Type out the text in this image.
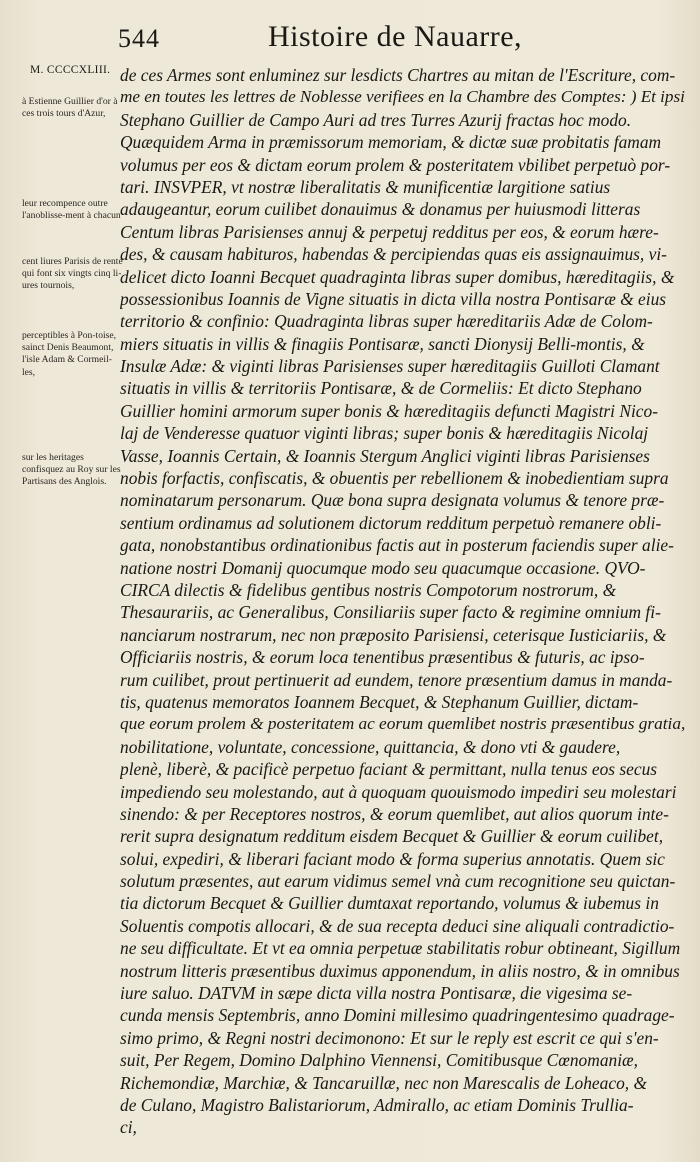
544	Histoire de Nauarre,
M. CCCCXLIII.
à Estienne Guillier d'or à ces trois tours d'Azur,
leur recompence outre l'anoblisse-ment à chacun
cent liures Parisis de rente qui font six vingts cinq li-ures tournois,
perceptibles à Pon-toise, sainct Denis Beaumont, l'isle Adam & Cormeil-les,
sur les heritages confisquez au Roy sur les Partisans des Anglois.
de ces Armes sont enluminez sur lesdicts Chartres au mitan de l'Escriture, com-
me en toutes les lettres de Noblesse verifiees en la Chambre des Comptes: ) Et ipsi
Stephano Guillier de Campo Auri ad tres Turres Azurij fractas hoc modo.
Quæquidem Arma in præmissorum memoriam, & dictæ suæ probitatis famam
volumus per eos & dictam eorum prolem & posteritatem vbilibet perpetuò por-
tari. INSVPER, vt nostræ liberalitatis & munificentiæ largitione satius
adaugeantur, eorum cuilibet donauimus & donamus per huiusmodi litteras
Centum libras Parisienses annuj & perpetuj redditus per eos, & eorum hære-
des, & causam habituros, habendas & percipiendas quas eis assignauimus, vi-
delicet dicto Ioanni Becquet quadraginta libras super domibus, hæreditagiis, &
possessionibus Ioannis de Vigne situatis in dicta villa nostra Pontisaræ & eius
territorio & confinio: Quadraginta libras super hæreditariis Adæ de Colom-
miers situatis in villis & finagiis Pontisaræ, sancti Dionysij Belli-montis, &
Insulæ Adæ: & viginti libras Parisienses super hæreditagiis Guilloti Clamant
situatis in villis & territoriis Pontisaræ, & de Cormeliis: Et dicto Stephano
Guillier homini armorum super bonis & hæreditagiis defuncti Magistri Nico-
laj de Venderesse quatuor viginti libras; super bonis & hæreditagiis Nicolaj
Vasse, Ioannis Certain, & Ioannis Stergum Anglici viginti libras Parisienses
nobis forfactis, confiscatis, & obuentis per rebellionem & inobedientiam supra
nominatarum personarum. Quæ bona supra designata volumus & tenore præ-
sentium ordinamus ad solutionem dictorum redditum perpetuò remanere obli-
gata, nonobstantibus ordinationibus factis aut in posterum faciendis super alie-
natione nostri Domanij quocumque modo seu quacumque occasione. QVO-
CIRCA dilectis & fidelibus gentibus nostris Compotorum nostrorum, &
Thesaurariis, ac Generalibus, Consiliariis super facto & regimine omnium fi-
nanciarum nostrarum, nec non præposito Parisiensi, ceterisque Iusticiariis, &
Officiariis nostris, & eorum loca tenentibus præsentibus & futuris, ac ipso-
rum cuilibet, prout pertinuerit ad eundem, tenore præsentium damus in manda-
tis, quatenus memoratos Ioannem Becquet, & Stephanum Guillier, dictam-
que eorum prolem & posteritatem ac eorum quemlibet nostris præsentibus gratia,
nobilitatione, voluntate, concessione, quittancia, & dono vti & gaudere,
plenè, liberè, & pacificè perpetuo faciant & permittant, nulla tenus eos secus
impediendo seu molestando, aut à quoquam quouismodo impediri seu molestari
sinendo: & per Receptores nostros, & eorum quemlibet, aut alios quorum inte-
rerit supra designatum redditum eisdem Becquet & Guillier & eorum cuilibet,
solui, expediri, & liberari faciant modo & forma superius annotatis. Quem sic
solutum præsentes, aut earum vidimus semel vnà cum recognitione seu quictan-
tia dictorum Becquet & Guillier dumtaxat reportando, volumus & iubemus in
Soluentis compotis allocari, & de sua recepta deduci sine aliquali contradictio-
ne seu difficultate. Et vt ea omnia perpetuæ stabilitatis robur obtineant, Sigillum
nostrum litteris præsentibus duximus apponendum, in aliis nostro, & in omnibus
iure saluo. DATVM in sæpe dicta villa nostra Pontisaræ, die vigesima se-
cunda mensis Septembris, anno Domini millesimo quadringentesimo quadrage-
simo primo, & Regni nostri decimonono: Et sur le reply est escrit ce qui s'en-
suit, Per Regem, Domino Dalphino Viennensi, Comitibusque Cœnomaniæ,
Richemondiæ, Marchiæ, & Tancaruillæ, nec non Marescalis de Loheaco, &
de Culano, Magistro Balistariorum, Admirallo, ac etiam Dominis Trullia-
ci,
